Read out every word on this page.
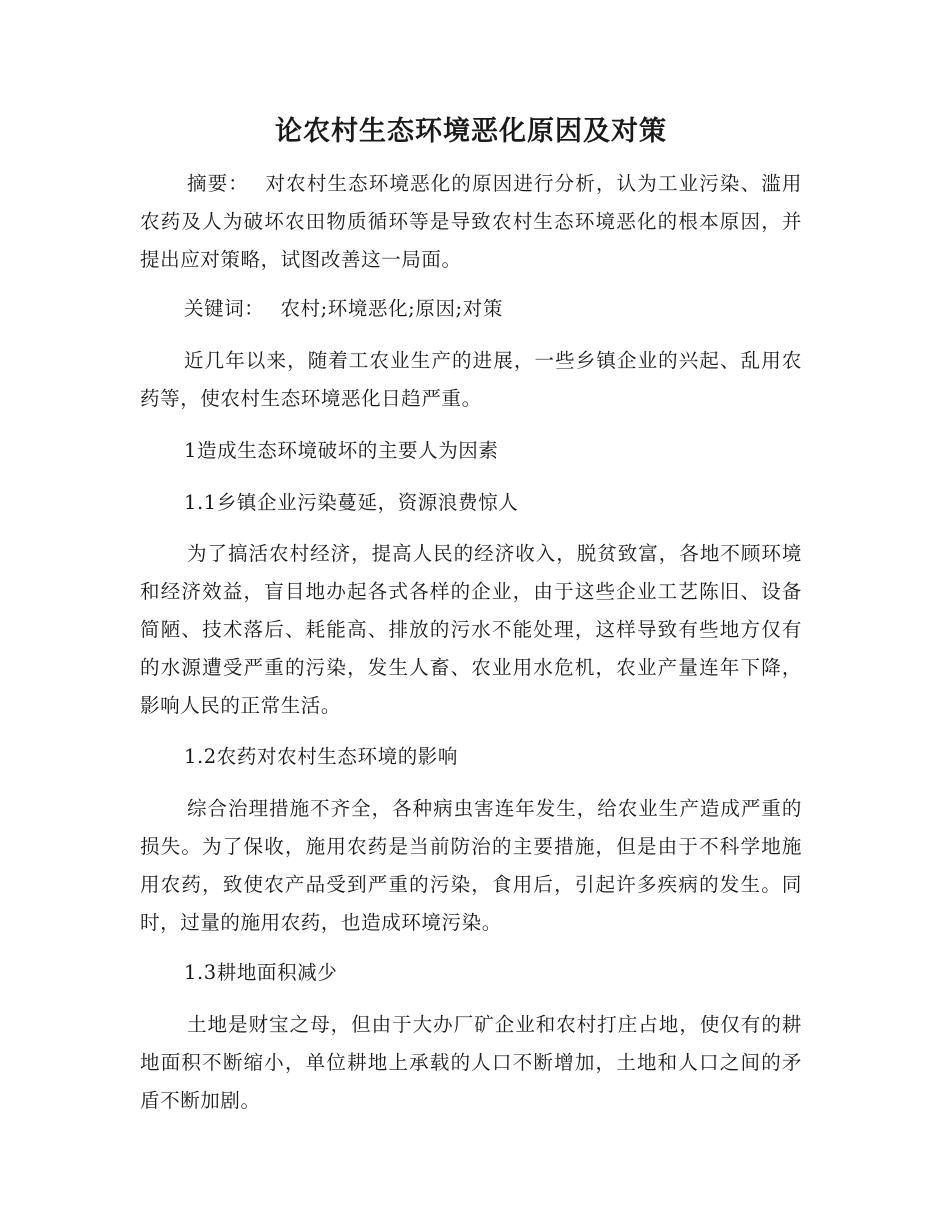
论农村生态环境恶化原因及对策

摘要： 对农村生态环境恶化的原因进行分析，认为工业污染、滥用农药及人为破坏农田物质循环等是导致农村生态环境恶化的根本原因，并提出应对策略，试图改善这一局面。

关键词： 农村;环境恶化;原因;对策

近几年以来，随着工农业生产的进展，一些乡镇企业的兴起、乱用农药等，使农村生态环境恶化日趋严重。

1造成生态环境破坏的主要人为因素

1.1乡镇企业污染蔓延，资源浪费惊人

为了搞活农村经济，提高人民的经济收入，脱贫致富，各地不顾环境和经济效益，盲目地办起各式各样的企业，由于这些企业工艺陈旧、设备简陋、技术落后、耗能高、排放的污水不能处理，这样导致有些地方仅有的水源遭受严重的污染，发生人畜、农业用水危机，农业产量连年下降，影响人民的正常生活。

1.2农药对农村生态环境的影响

综合治理措施不齐全，各种病虫害连年发生，给农业生产造成严重的损失。为了保收，施用农药是当前防治的主要措施，但是由于不科学地施用农药，致使农产品受到严重的污染，食用后，引起许多疾病的发生。同时，过量的施用农药，也造成环境污染。

1.3耕地面积减少

土地是财宝之母，但由于大办厂矿企业和农村打庄占地，使仅有的耕地面积不断缩小，单位耕地上承载的人口不断增加，土地和人口之间的矛盾不断加剧。
